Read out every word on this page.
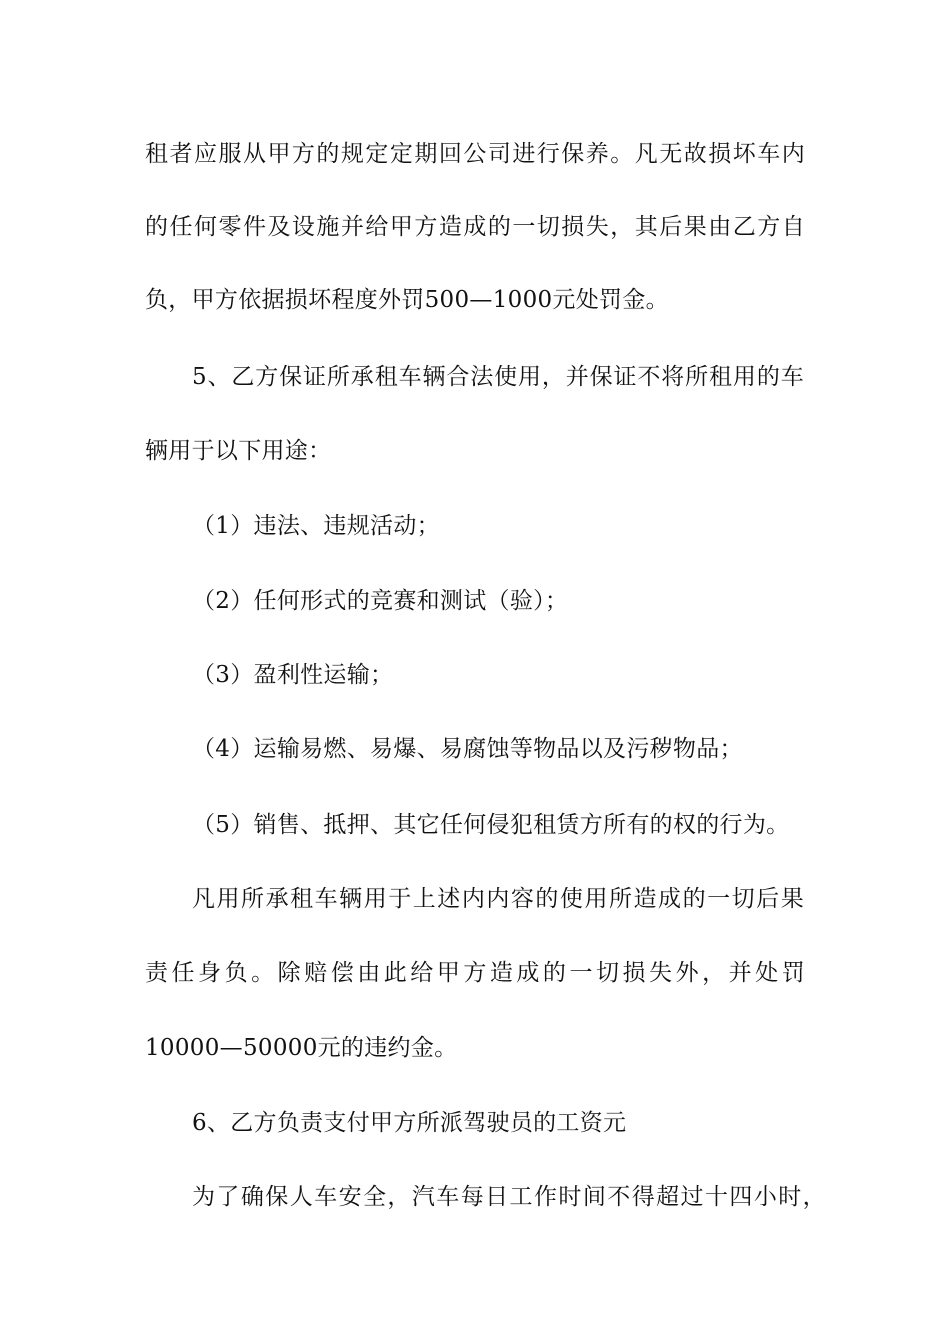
租者应服从甲方的规定定期回公司进行保养。凡无故损坏车内
的任何零件及设施并给甲方造成的一切损失，其后果由乙方自
负，甲方依据损坏程度外罚500—1000元处罚金。
5、乙方保证所承租车辆合法使用，并保证不将所租用的车
辆用于以下用途：
（1）违法、违规活动；
（2）任何形式的竞赛和测试（验）；
（3）盈利性运输；
（4）运输易燃、易爆、易腐蚀等物品以及污秽物品；
（5）销售、抵押、其它任何侵犯租赁方所有的权的行为。
凡用所承租车辆用于上述内内容的使用所造成的一切后果
责任身负。除赔偿由此给甲方造成的一切损失外，并处罚
10000—50000元的违约金。
6、乙方负责支付甲方所派驾驶员的工资元
为了确保人车安全，汽车每日工作时间不得超过十四小时，
